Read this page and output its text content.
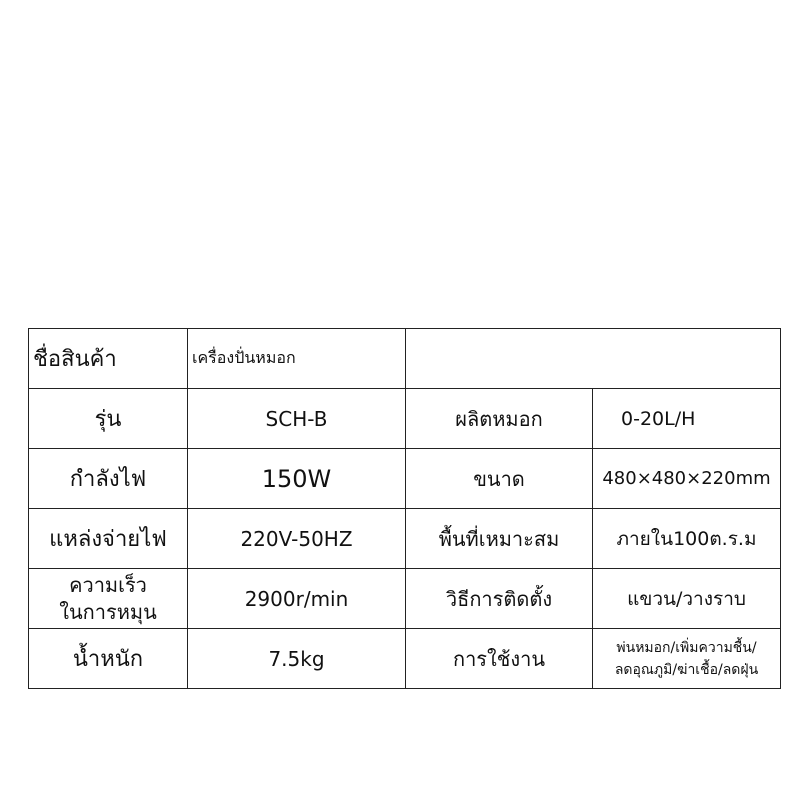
ชื่อสินค้า	เครื่องปั่นหมอก		
รุ่น	SCH-B	ผลิตหมอก	0-20L/H
กำลังไฟ	150W	ขนาด	480×480×220mm
แหล่งจ่ายไฟ	220V-50HZ	พื้นที่เหมาะสม	ภายใน100ต.ร.ม

ความเร็ว
ในการหมุน	2900r/min	วิธีการติดตั้ง	แขวน/วางราบ
น้ำหนัก	7.5kg	การใช้งาน	พ่นหมอก/เพิ่มความชื้น/
ลดอุณภูมิ/ฆ่าเชื้อ/ลดฝุ่น
